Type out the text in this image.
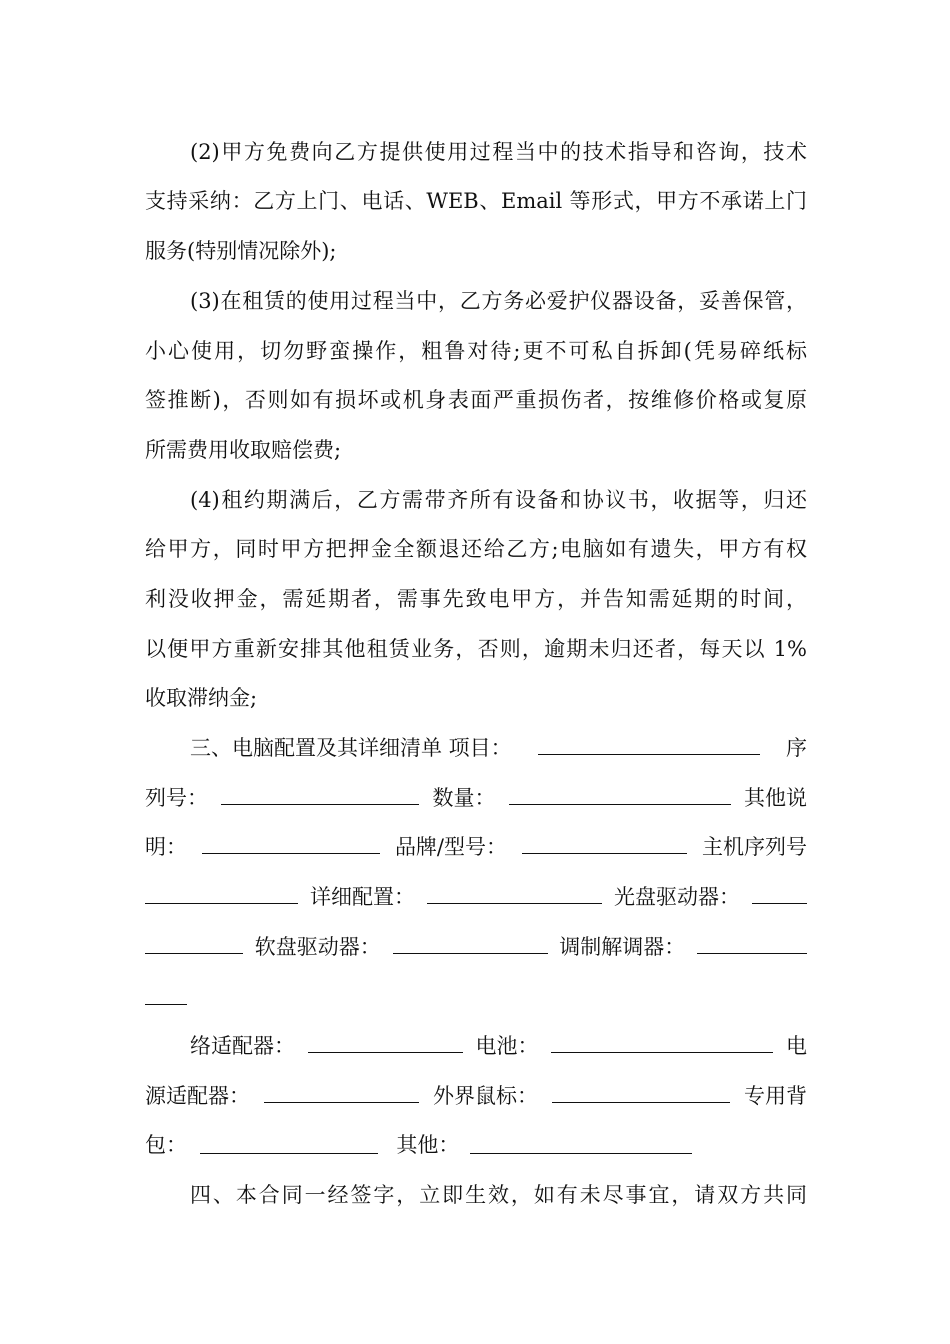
(2)甲方免费向乙方提供使用过程当中的技术指导和咨询，技术
支持采纳：乙方上门、电话、WEB、Email 等形式，甲方不承诺上门
服务(特别情况除外);
(3)在租赁的使用过程当中，乙方务必爱护仪器设备，妥善保管，
小心使用，切勿野蛮操作，粗鲁对待;更不可私自拆卸(凭易碎纸标
签推断)，否则如有损坏或机身表面严重损伤者，按维修价格或复原
所需费用收取赔偿费;
(4)租约期满后，乙方需带齐所有设备和协议书，收据等，归还
给甲方，同时甲方把押金全额退还给乙方;电脑如有遗失，甲方有权
利没收押金，需延期者，需事先致电甲方，并告知需延期的时间，
以便甲方重新安排其他租赁业务，否则，逾期未归还者，每天以 1%
收取滞纳金;
三、电脑配置及其详细清单 项目：	序
列号：	数量：	其他说
明：	品牌/型号：	主机序列号
详细配置：	光盘驱动器：
软盘驱动器：	调制解调器：
络适配器：	电池：	电
源适配器：	外界鼠标：	专用背
包：	其他：
四、本合同一经签字，立即生效，如有未尽事宜，请双方共同
